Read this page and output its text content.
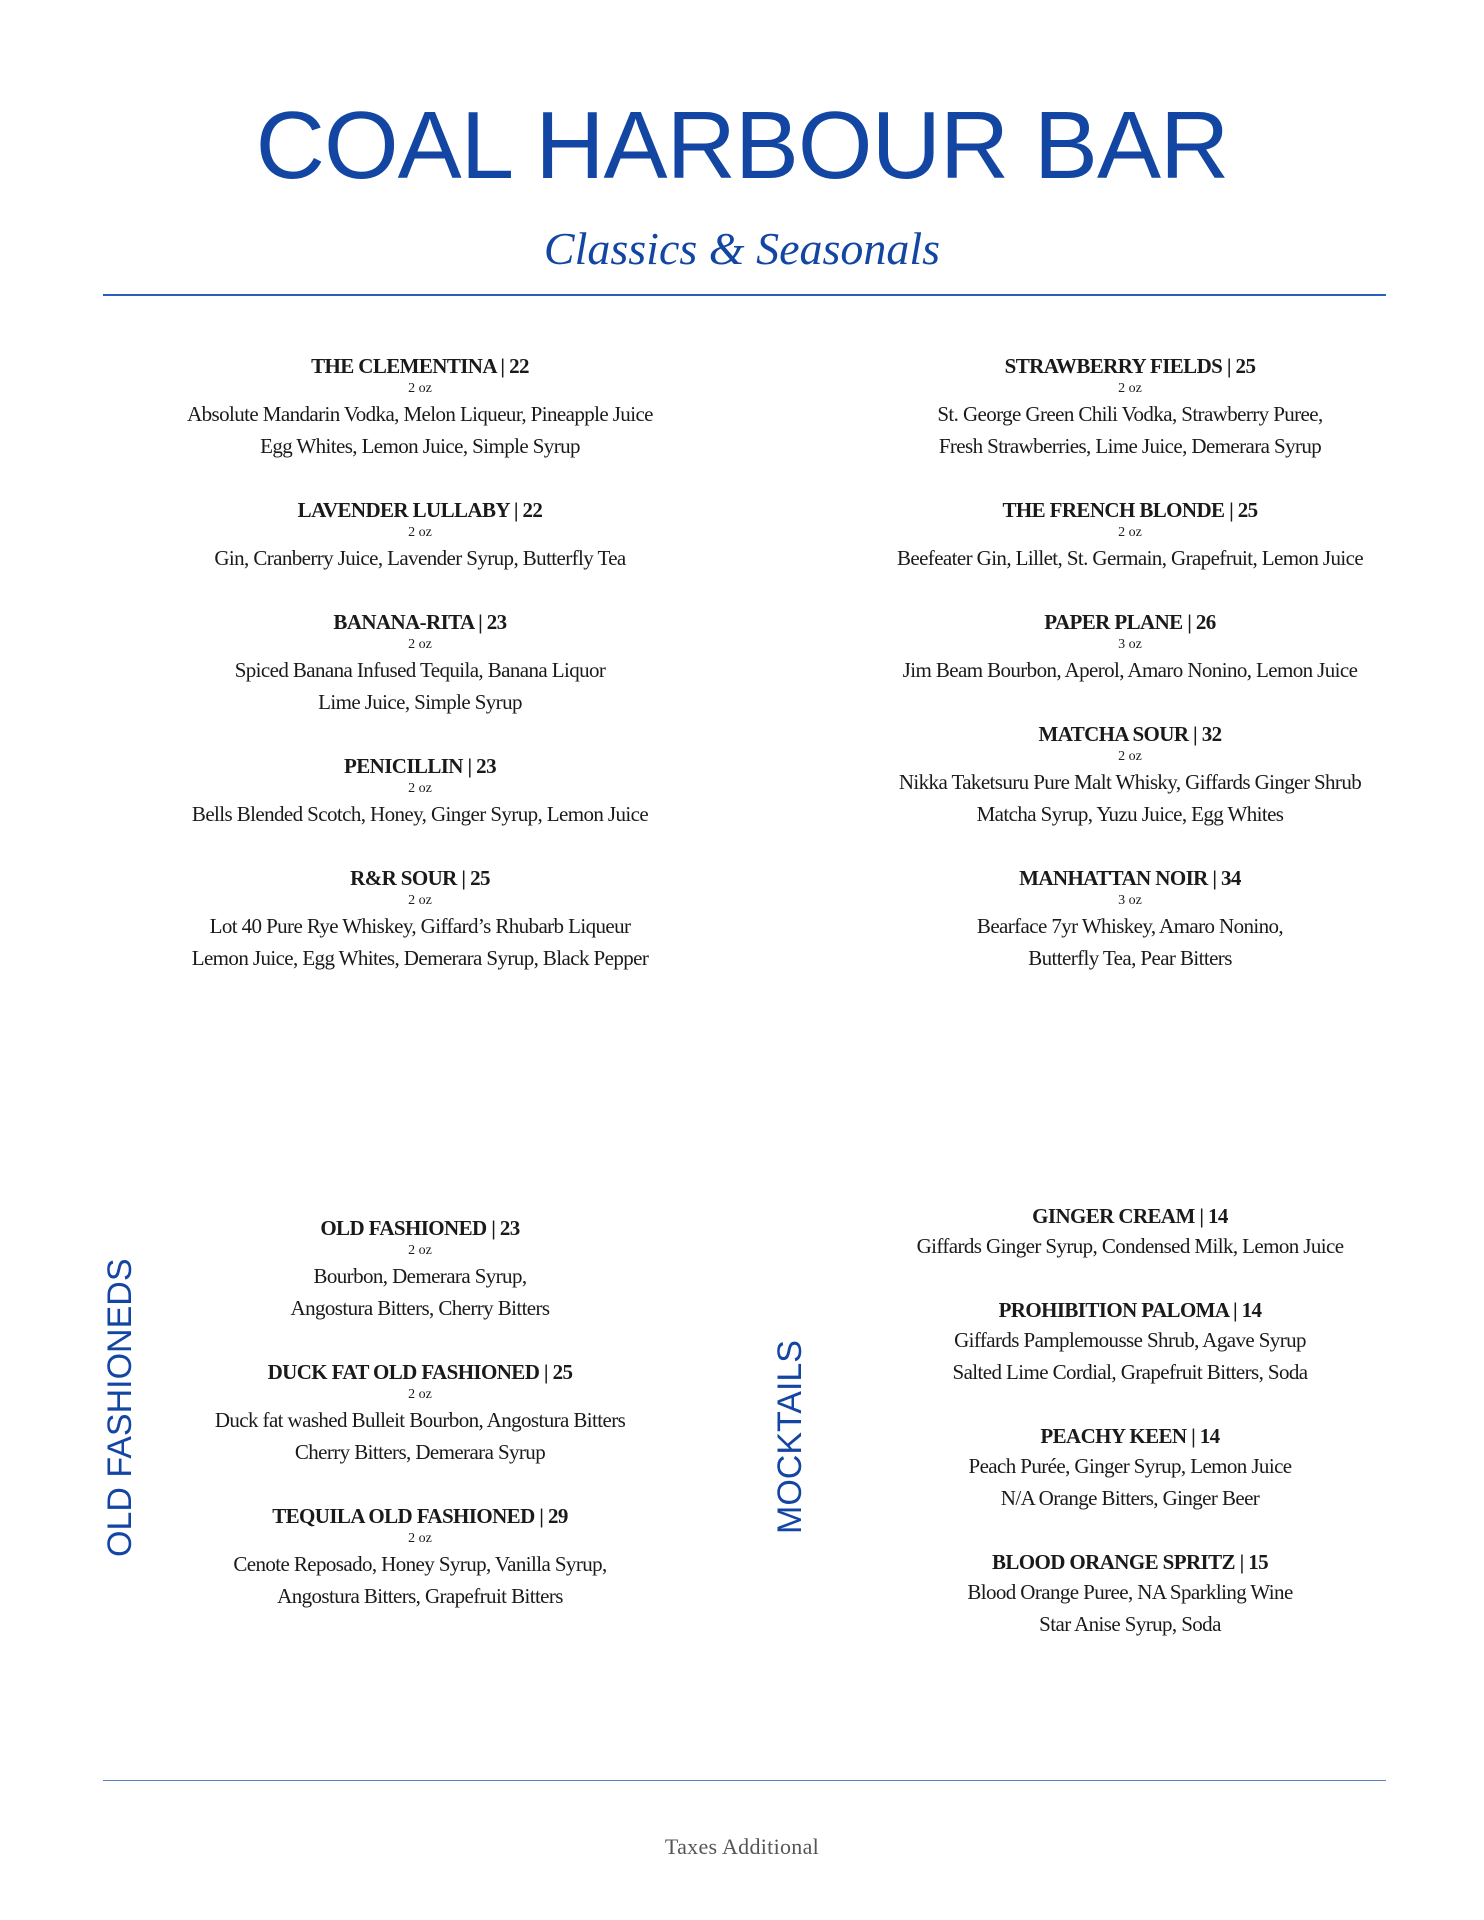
COAL HARBOUR BAR
Classics & Seasonals
THE CLEMENTINA | 22
2 oz
Absolute Mandarin Vodka, Melon Liqueur, Pineapple Juice
Egg Whites, Lemon Juice, Simple Syrup
LAVENDER LULLABY | 22
2 oz
Gin, Cranberry Juice, Lavender Syrup, Butterfly Tea
BANANA-RITA | 23
2 oz
Spiced Banana Infused Tequila, Banana Liquor
Lime Juice, Simple Syrup
PENICILLIN | 23
2 oz
Bells Blended Scotch, Honey, Ginger Syrup, Lemon Juice
R&R SOUR | 25
2 oz
Lot 40 Pure Rye Whiskey, Giffard’s Rhubarb Liqueur
Lemon Juice, Egg Whites, Demerara Syrup, Black Pepper
STRAWBERRY FIELDS | 25
2 oz
St. George Green Chili Vodka, Strawberry Puree,
Fresh Strawberries, Lime Juice, Demerara Syrup
THE FRENCH BLONDE | 25
2 oz
Beefeater Gin, Lillet, St. Germain, Grapefruit, Lemon Juice
PAPER PLANE | 26
3 oz
Jim Beam Bourbon, Aperol, Amaro Nonino, Lemon Juice
MATCHA SOUR | 32
2 oz
Nikka Taketsuru Pure Malt Whisky, Giffards Ginger Shrub
Matcha Syrup, Yuzu Juice, Egg Whites
MANHATTAN NOIR | 34
3 oz
Bearface 7yr Whiskey, Amaro Nonino,
Butterfly Tea, Pear Bitters
OLD FASHIONEDS
OLD FASHIONED | 23
2 oz
Bourbon, Demerara Syrup,
Angostura Bitters, Cherry Bitters
DUCK FAT OLD FASHIONED | 25
2 oz
Duck fat washed Bulleit Bourbon, Angostura Bitters
Cherry Bitters, Demerara Syrup
TEQUILA OLD FASHIONED | 29
2 oz
Cenote Reposado, Honey Syrup, Vanilla Syrup,
Angostura Bitters, Grapefruit Bitters
MOCKTAILS
GINGER CREAM | 14
Giffards Ginger Syrup, Condensed Milk, Lemon Juice
PROHIBITION PALOMA | 14
Giffards Pamplemousse Shrub, Agave Syrup
Salted Lime Cordial, Grapefruit Bitters, Soda
PEACHY KEEN | 14
Peach Purée, Ginger Syrup, Lemon Juice
N/A Orange Bitters, Ginger Beer
BLOOD ORANGE SPRITZ | 15
Blood Orange Puree, NA Sparkling Wine
Star Anise Syrup, Soda
Taxes Additional
